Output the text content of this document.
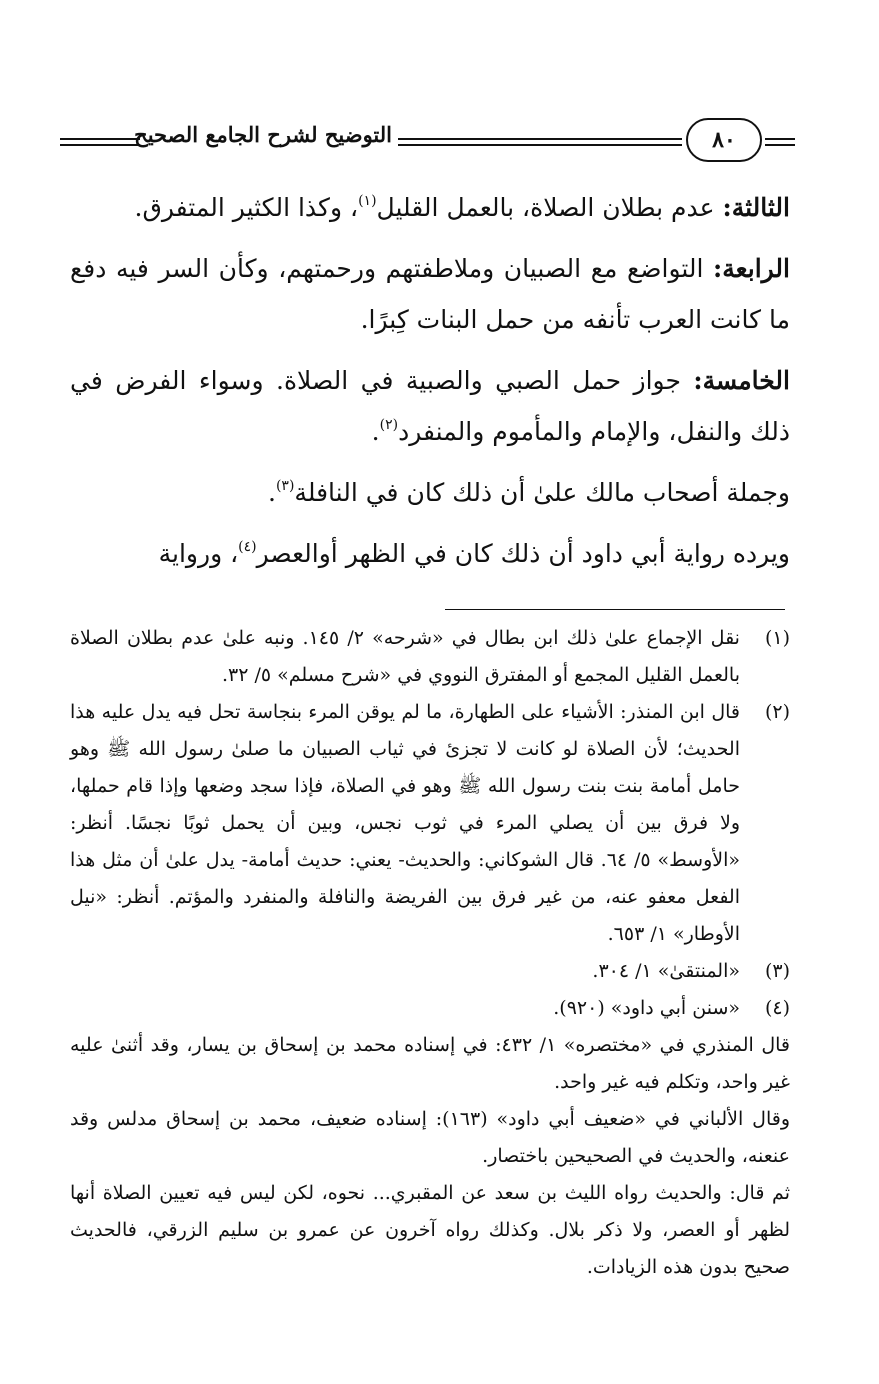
التوضيح لشرح الجامع الصحيح	٨٠

الثالثة: عدم بطلان الصلاة، بالعمل القليل$^{(١)}$، وكذا الكثير المتفرق.

الرابعة: التواضع مع الصبيان وملاطفتهم ورحمتهم، وكأن السر فيه دفع ما كانت العرب تأنفه من حمل البنات كِبرًا.

الخامسة: جواز حمل الصبي والصبية في الصلاة. وسواء الفرض في ذلك والنفل، والإمام والمأموم والمنفرد$^{(٢)}$.

وجملة أصحاب مالك علىٰ أن ذلك كان في النافلة$^{(٣)}$.

ويرده رواية أبي داود أن ذلك كان في الظهر أوالعصر$^{(٤)}$، ورواية

(١)

نقل الإجماع علىٰ ذلك ابن بطال في «شرحه» ٢/ ١٤٥. ونبه علىٰ عدم بطلان الصلاة بالعمل القليل المجمع أو المفترق النووي في «شرح مسلم» ٥/ ٣٢.

(٢)

قال ابن المنذر: الأشياء على الطهارة، ما لم يوقن المرء بنجاسة تحل فيه يدل عليه هذا الحديث؛ لأن الصلاة لو كانت لا تجزئ في ثياب الصبيان ما صلىٰ رسول الله ﷺ وهو حامل أمامة بنت بنت رسول الله ﷺ وهو في الصلاة، فإذا سجد وضعها وإذا قام حملها، ولا فرق بين أن يصلي المرء في ثوب نجس، وبين أن يحمل ثوبًا نجسًا. أنظر: «الأوسط» ٥/ ٦٤. قال الشوكاني: والحديث- يعني: حديث أمامة- يدل علىٰ أن مثل هذا الفعل معفو عنه، من غير فرق بين الفريضة والنافلة والمنفرد والمؤتم. أنظر: «نيل الأوطار» ١/ ٦٥٣.

(٣)

«المنتقىٰ» ١/ ٣٠٤.

(٤)

«سنن أبي داود» (٩٢٠).

قال المنذري في «مختصره» ١/ ٤٣٢: في إسناده محمد بن إسحاق بن يسار، وقد أثنىٰ عليه غير واحد، وتكلم فيه غير واحد.

وقال الألباني في «ضعيف أبي داود» (١٦٣): إسناده ضعيف، محمد بن إسحاق مدلس وقد عنعنه، والحديث في الصحيحين باختصار.

ثم قال: والحديث رواه الليث بن سعد عن المقبري... نحوه، لكن ليس فيه تعيين الصلاة أنها لظهر أو العصر، ولا ذكر بلال. وكذلك رواه آخرون عن عمرو بن سليم الزرقي، فالحديث صحيح بدون هذه الزيادات.
